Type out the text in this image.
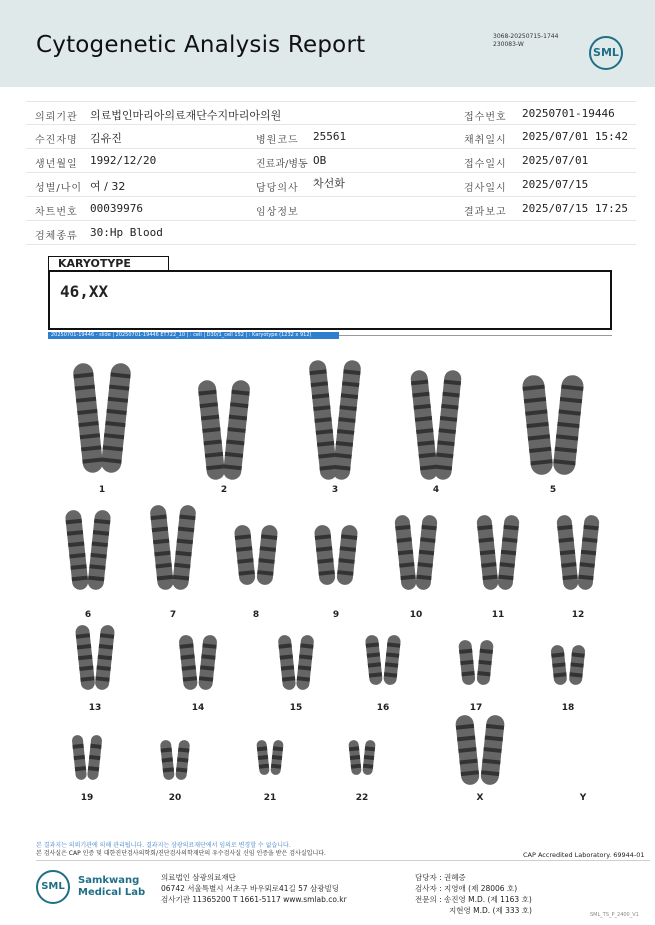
Cytogenetic Analysis Report	3068-20250715-1744
230083-W
SML
의뢰기관 의료법인마리아의료재단수지마리아의원	접수번호 20250701-19446
수진자명 김유진	병원코드 25561	채취일시 2025/07/01 15:42
생년월일 1992/12/20	진료과/병동 OB	접수일시 2025/07/01
성별/나이 여 / 32	담당의사 차선화	검사일시 2025/07/15
차트번호 00039976	임상정보	결과보고 2025/07/15 17:25
검체종류 30:Hp Blood
KARYOTYPE
46,XX
20250701-19446 - slide | 20250701-19446 ET722_10 | : cell | D30/1_cell 152 | : Karyotype (1232 x 912)
1	2	3	4	5
6	7	8	9	10	11	12
13	14	15	16	17	18
19	20	21	22	X	Y
본 결과지는 의뢰기관에 의해 관리됩니다. 결과지는 삼광의료재단에서 임의로 변경할 수 없습니다.
본 검사실은 CAP 인증 및 대한진단검사의학회/진단검사의학재단의 우수검사실 신임 인증을 받은 검사실입니다.	CAP Accredited Laboratory. 69944-01
SML
Samkwang
Medical Lab
의료법인 삼광의료재단
06742 서울특별시 서초구 바우뫼로41길 57 삼광빌딩
검사기관 11365200 T 1661-5117 www.smlab.co.kr
담당자 : 권혜증
검사자 : 지영애 (제 28006 호)
전문의 : 송진영 M.D. (제 1163 호)
지현영 M.D. (제 333 호)	SML_TS_P_2400_V1
